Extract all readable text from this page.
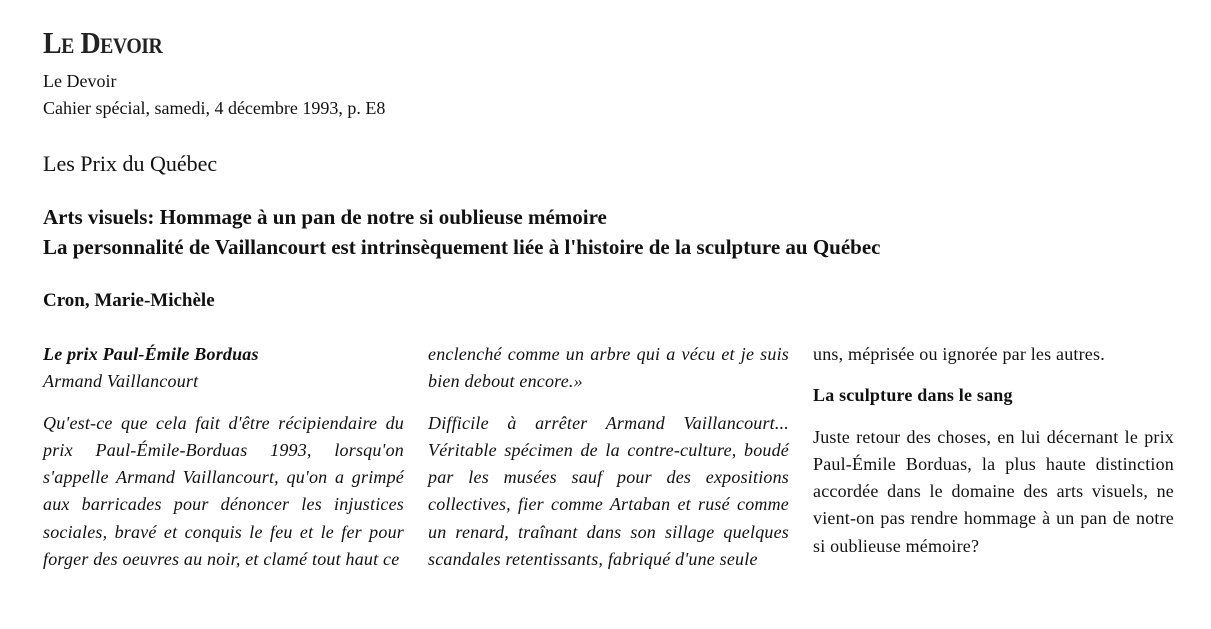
Le Devoir
Le Devoir
Cahier spécial, samedi, 4 décembre 1993, p. E8
Les Prix du Québec
Arts visuels: Hommage à un pan de notre si oublieuse mémoire
La personnalité de Vaillancourt est intrinsèquement liée à l'histoire de la sculpture au Québec
Cron, Marie-Michèle

Le prix Paul-Émile Borduas

Armand Vaillancourt

Qu'est-ce que cela fait d'être récipiendaire du prix Paul-Émile-Borduas 1993, lorsqu'on s'appelle Armand Vaillancourt, qu'on a grimpé aux barricades pour dénoncer les injustices sociales, bravé et conquis le feu et le fer pour forger des oeuvres au noir, et clamé tout haut ce

enclenché comme un arbre qui a vécu et je suis bien debout encore.»

Difficile à arrêter Armand Vaillancourt... Véritable spécimen de la contre-culture, boudé par les musées sauf pour des expositions collectives, fier comme Artaban et rusé comme un renard, traînant dans son sillage quelques scandales retentissants, fabriqué d'une seule

uns, méprisée ou ignorée par les autres.

La sculpture dans le sang

Juste retour des choses, en lui décernant le prix Paul-Émile Borduas, la plus haute distinction accordée dans le domaine des arts visuels, ne vient-on pas rendre hommage à un pan de notre si oublieuse mémoire?
